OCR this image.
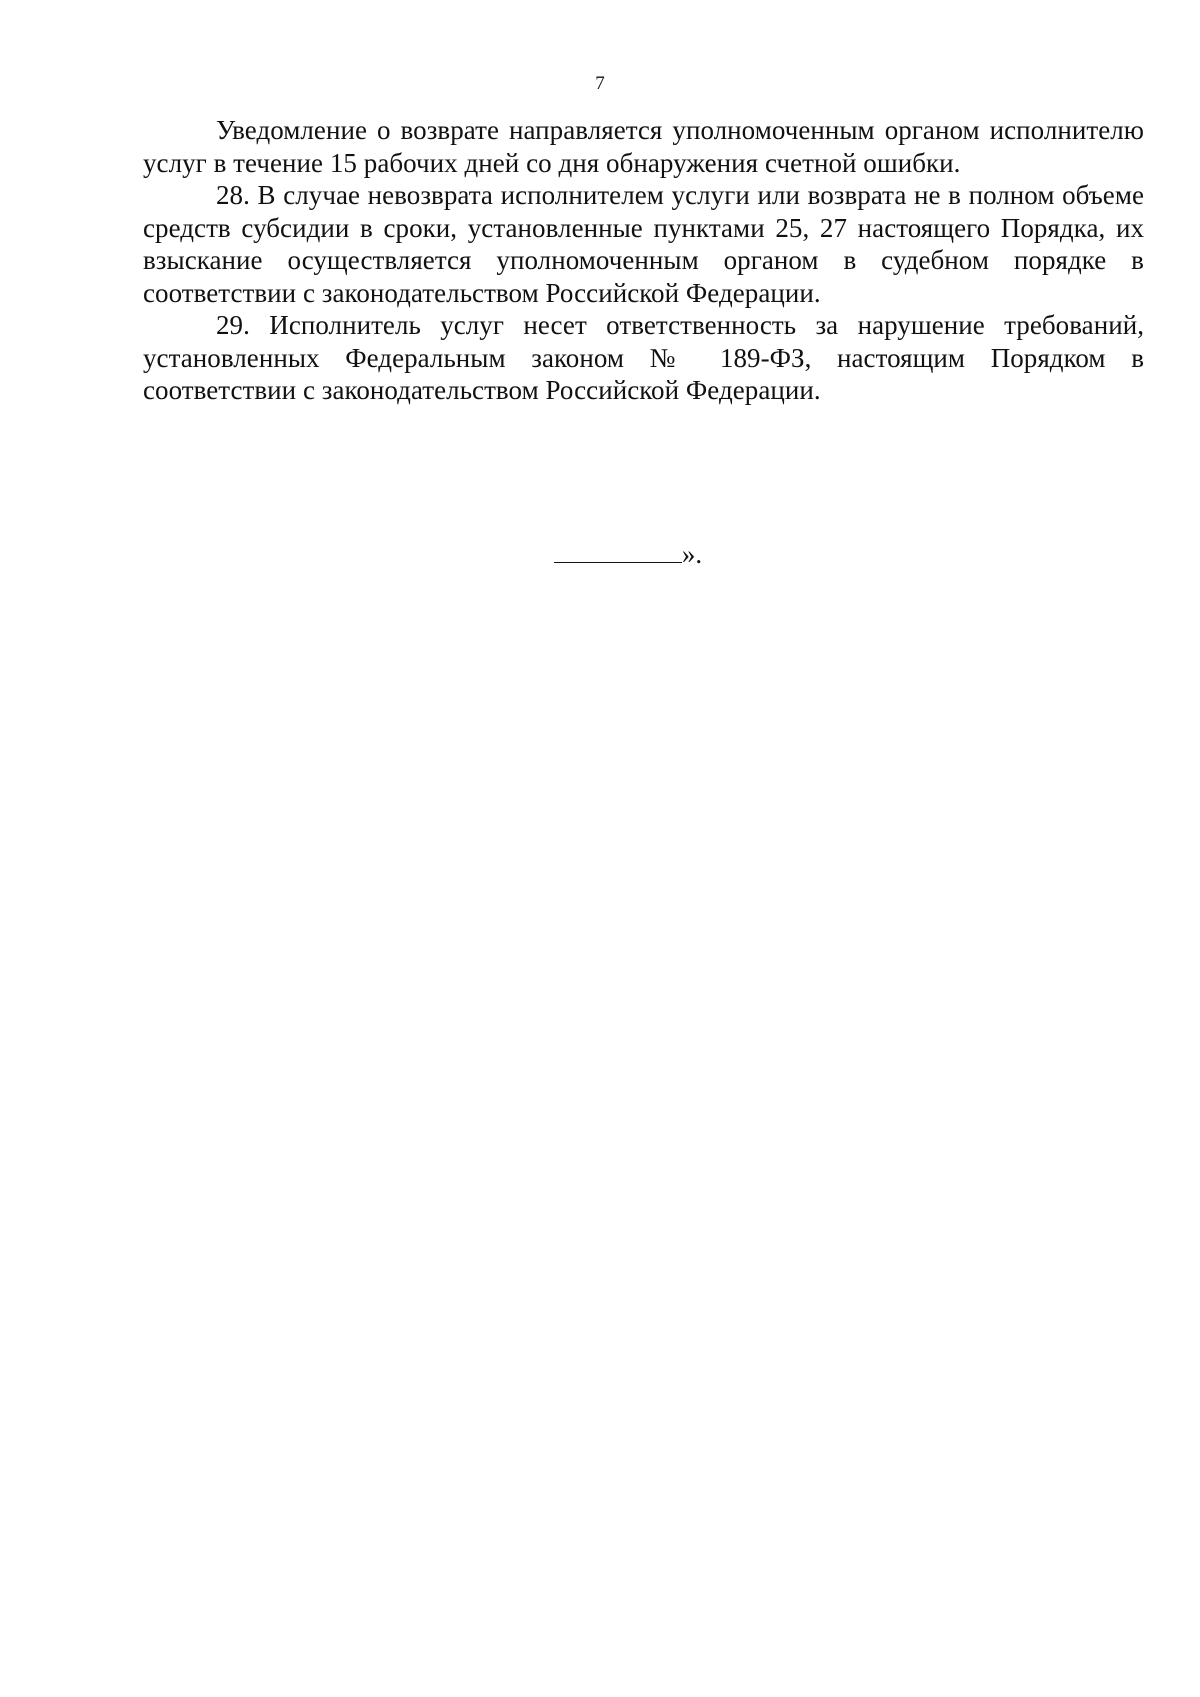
7

Уведомление о возврате направляется уполномоченным органом исполнителю услуг в течение 15 рабочих дней со дня обнаружения счетной ошибки.

28. В случае невозврата исполнителем услуги или возврата не в полном объеме средств субсидии в сроки, установленные пунктами 25, 27 настоящего Порядка, их взыскание осуществляется уполномоченным органом в судебном порядке в соответствии с законодательством Российской Федерации.

29. Исполнитель услуг несет ответственность за нарушение требований, установленных Федеральным законом № 189-ФЗ, настоящим Порядком в соответствии с законодательством Российской Федерации.

».
